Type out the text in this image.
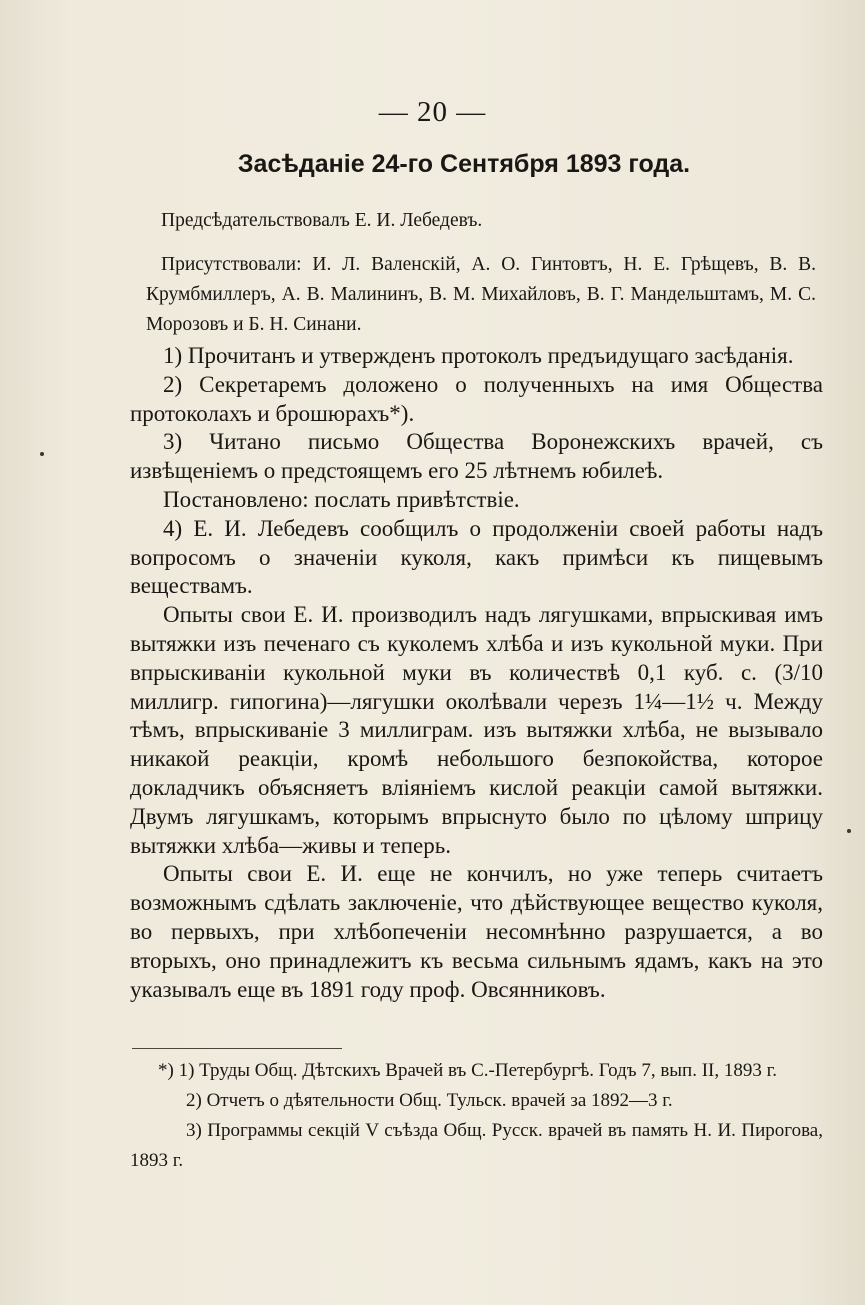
— 20 —
Засѣданіе 24-го Сентября 1893 года.
Предсѣдательствовалъ Е. И. Лебедевъ.
Присутствовали: И. Л. Валенскій, А. О. Гинтовтъ, Н. Е. Грѣщевъ, В. В. Крумбмиллеръ, А. В. Малининъ, В. М. Михайловъ, В. Г. Мандельштамъ, М. С. Морозовъ и Б. Н. Синани.

1) Прочитанъ и утвержденъ протоколъ предъидущаго засѣданія.

2) Секретаремъ доложено о полученныхъ на имя Общества протоколахъ и брошюрахъ*).

3) Читано письмо Общества Воронежскихъ врачей, съ извѣщеніемъ о предстоящемъ его 25 лѣтнемъ юбилеѣ.

Постановлено: послать привѣтствіе.

4) Е. И. Лебедевъ сообщилъ о продолженіи своей работы надъ вопросомъ о значеніи куколя, какъ примѣси къ пищевымъ веществамъ.

Опыты свои Е. И. производилъ надъ лягушками, впрыскивая имъ вытяжки изъ печенаго съ куколемъ хлѣба и изъ кукольной муки. При впрыскиваніи кукольной муки въ количествѣ 0,1 куб. с. (3/10 миллигр. гипогина)—лягушки околѣвали черезъ 1¼—1½ ч. Между тѣмъ, впрыскиваніе 3 миллиграм. изъ вытяжки хлѣба, не вызывало никакой реакціи, кромѣ небольшого безпокойства, которое докладчикъ объясняетъ вліяніемъ кислой реакціи самой вытяжки. Двумъ лягушкамъ, которымъ впрыснуто было по цѣлому шприцу вытяжки хлѣба—живы и теперь.

Опыты свои Е. И. еще не кончилъ, но уже теперь считаетъ возможнымъ сдѣлать заключеніе, что дѣйствующее вещество куколя, во первыхъ, при хлѣбопеченіи несомнѣнно разрушается, а во вторыхъ, оно принадлежитъ къ весьма сильнымъ ядамъ, какъ на это указывалъ еще въ 1891 году проф. Овсянниковъ.

*) 1) Труды Общ. Дѣтскихъ Врачей въ С.-Петербургѣ. Годъ 7, вып. II, 1893 г.

2) Отчетъ о дѣятельности Общ. Тульск. врачей за 1892—3 г.

3) Программы секцій V съѣзда Общ. Русск. врачей въ память Н. И. Пирогова, 1893 г.
